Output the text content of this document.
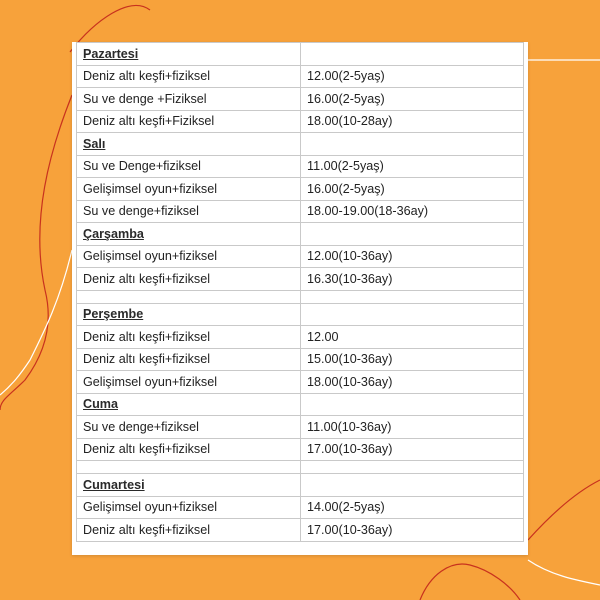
Pazartesi	
Deniz altı keşfi+fiziksel	12.00(2-5yaş)
Su ve denge +Fiziksel	16.00(2-5yaş)
Deniz altı keşfi+Fiziksel	18.00(10-28ay)
Salı	
Su ve Denge+fiziksel	11.00(2-5yaş)
Gelişimsel oyun+fiziksel	16.00(2-5yaş)
Su ve denge+fiziksel	18.00-19.00(18-36ay)
Çarşamba	
Gelişimsel oyun+fiziksel	12.00(10-36ay)
Deniz altı keşfi+fiziksel	16.30(10-36ay)

Perşembe	
Deniz altı keşfi+fiziksel	12.00
Deniz altı keşfi+fiziksel	15.00(10-36ay)
Gelişimsel oyun+fiziksel	18.00(10-36ay)
Cuma	
Su ve denge+fiziksel	11.00(10-36ay)
Deniz altı keşfi+fiziksel	17.00(10-36ay)

Cumartesi	
Gelişimsel oyun+fiziksel	14.00(2-5yaş)
Deniz altı keşfi+fiziksel	17.00(10-36ay)
